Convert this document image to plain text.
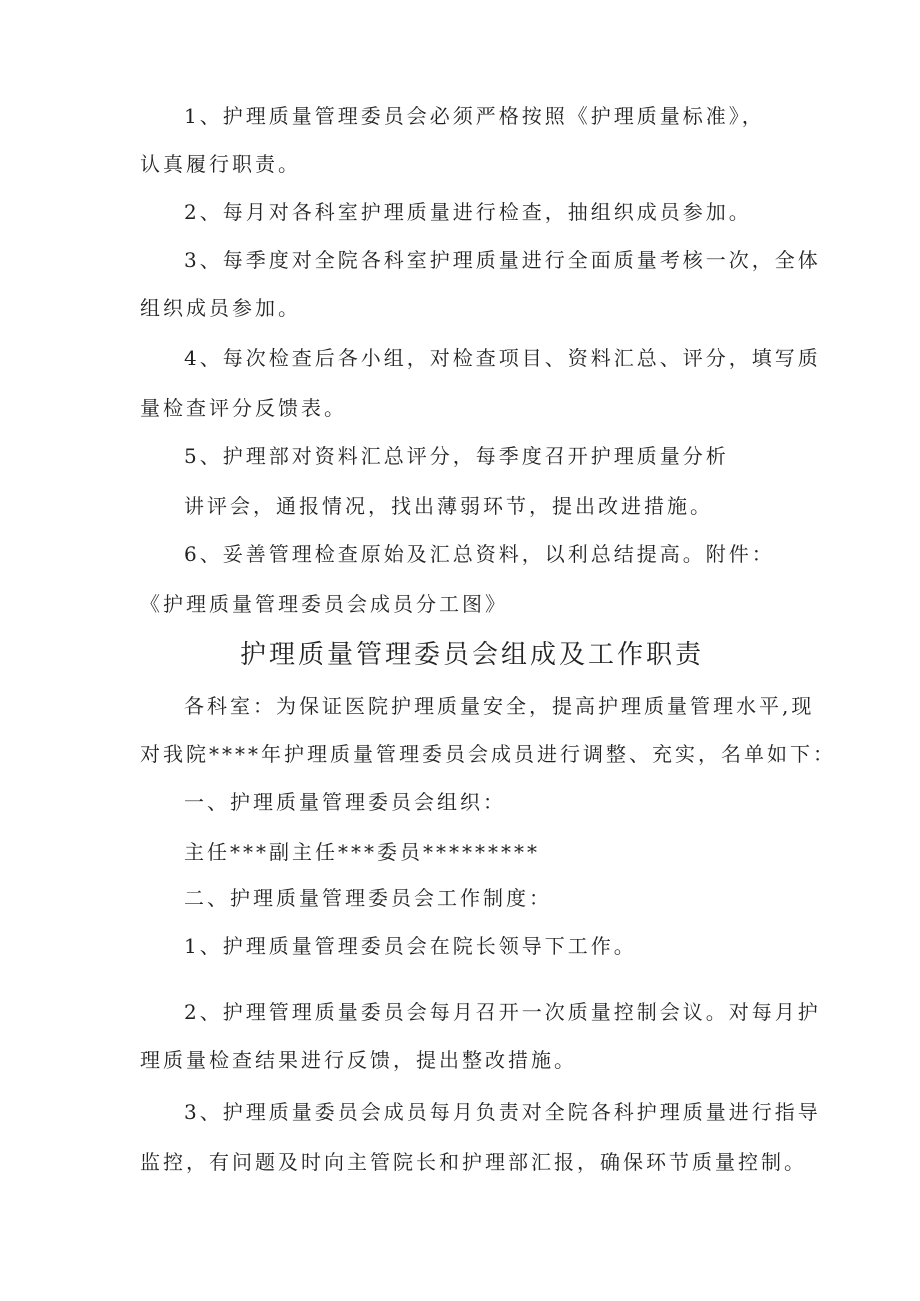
1、护理质量管理委员会必须严格按照《护理质量标准》，

认真履行职责。

2、每月对各科室护理质量进行检查，抽组织成员参加。

3、每季度对全院各科室护理质量进行全面质量考核一次，全体

组织成员参加。

4、每次检查后各小组，对检查项目、资料汇总、评分，填写质

量检查评分反馈表。

5、护理部对资料汇总评分，每季度召开护理质量分析

讲评会，通报情况，找出薄弱环节，提出改进措施。

6、妥善管理检查原始及汇总资料，以利总结提高。附件：

《护理质量管理委员会成员分工图》

护理质量管理委员会组成及工作职责

各科室：为保证医院护理质量安全，提高护理质量管理水平,现

对我院****年护理质量管理委员会成员进行调整、充实，名单如下：

一、护理质量管理委员会组织：

主任***副主任***委员*********

二、护理质量管理委员会工作制度：

1、护理质量管理委员会在院长领导下工作。

2、护理管理质量委员会每月召开一次质量控制会议。对每月护

理质量检查结果进行反馈，提出整改措施。

3、护理质量委员会成员每月负责对全院各科护理质量进行指导

监控，有问题及时向主管院长和护理部汇报，确保环节质量控制。
